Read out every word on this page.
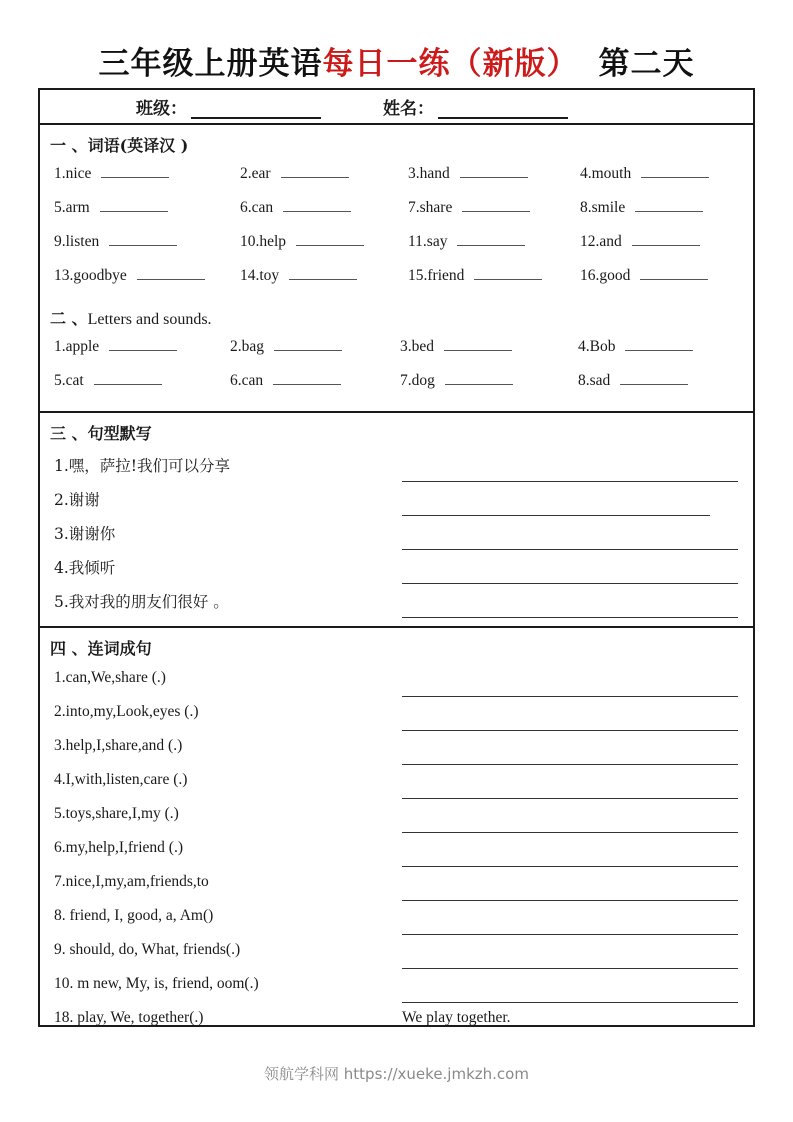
三年级上册英语每日一练（新版） 第二天
班级：	姓名：
一 、词语(英译汉 )
1.nice	2.ear	3.hand	4.mouth
5.arm	6.can	7.share	8.smile
9.listen	10.help	11.say	12.and
13.goodbye	14.toy	15.friend	16.good
二 、Letters and sounds.
1.apple	2.bag	3.bed	4.Bob
5.cat	6.can	7.dog	8.sad
三 、句型默写
1.嘿，萨拉!我们可以分享
2.谢谢
3.谢谢你
4.我倾听
5.我对我的朋友们很好 。
四 、连词成句
1.can,We,share (.)
2.into,my,Look,eyes (.)
3.help,I,share,and (.)
4.I,with,listen,care (.)
5.toys,share,I,my (.)
6.my,help,I,friend (.)
7.nice,I,my,am,friends,to
8. friend, I, good, a, Am()
9. should, do, What, friends(.)
10. m new, My, is, friend, oom(.)
18. play, We, together(.)	We play together.
领航学科网 https://xueke.jmkzh.com
